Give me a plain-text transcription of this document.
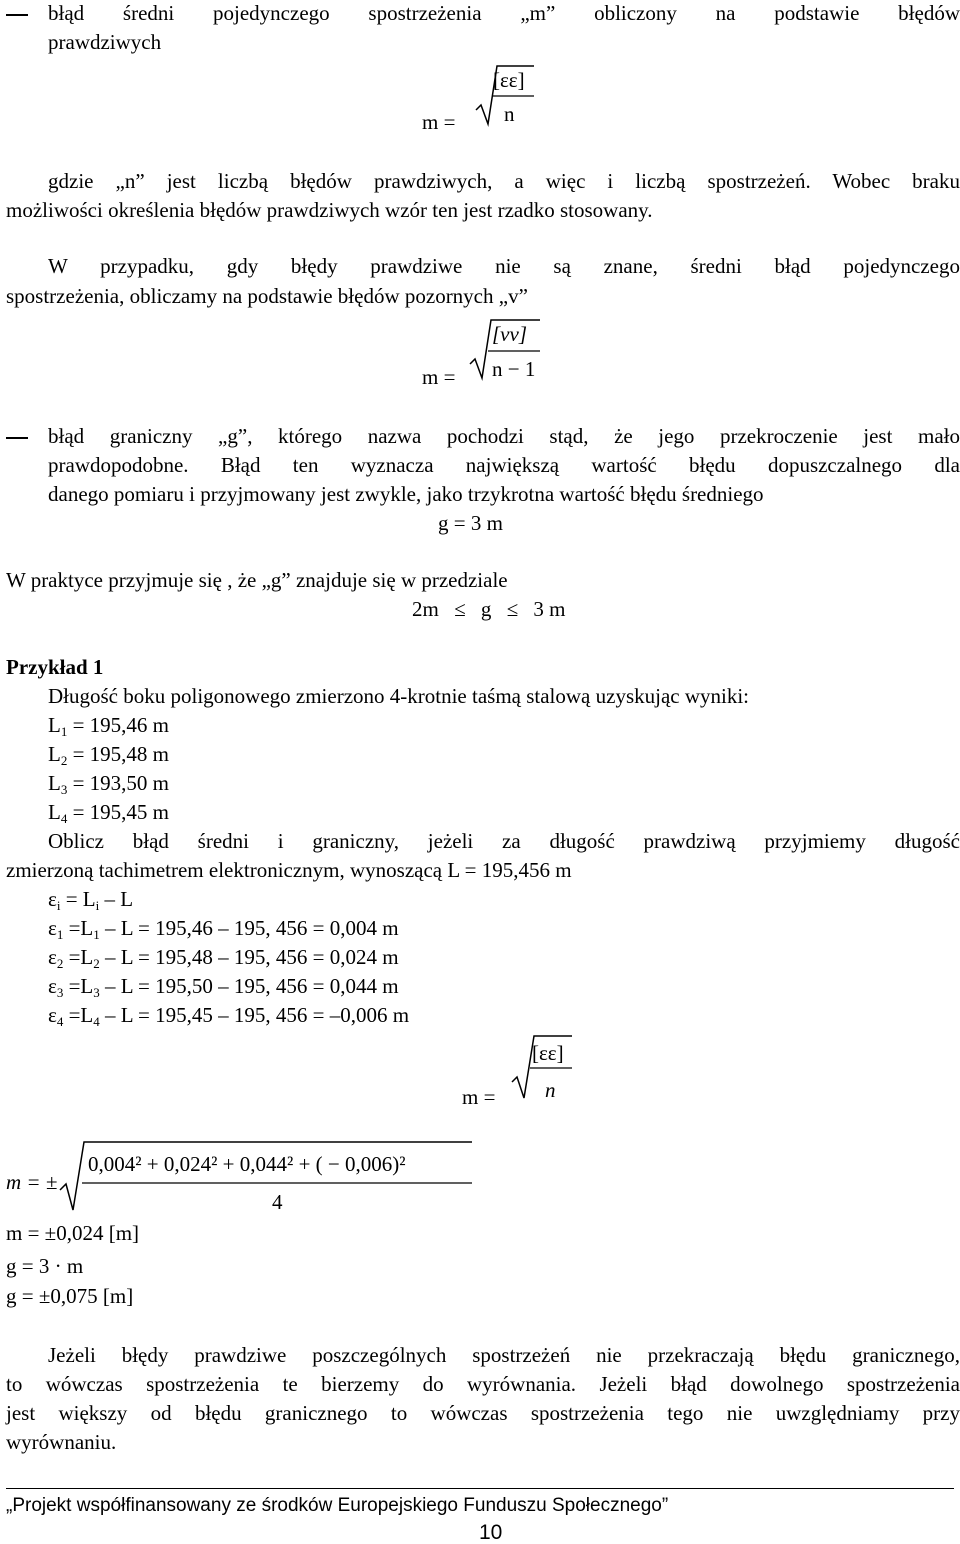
błąd średni pojedynczego spostrzeżenia „m” obliczony na podstawie błędów
prawdziwych
m =
[εε]
n
gdzie „n” jest liczbą błędów prawdziwych, a więc i liczbą spostrzeżeń. Wobec braku
możliwości określenia błędów prawdziwych wzór ten jest rzadko stosowany.
W przypadku, gdy błędy prawdziwe nie są znane, średni błąd pojedynczego
spostrzeżenia, obliczamy na podstawie błędów pozornych „v”
m =
[vv]
n − 1
błąd graniczny „g”, którego nazwa pochodzi stąd, że jego przekroczenie jest mało
prawdopodobne. Błąd ten wyznacza największą wartość błędu dopuszczalnego dla
danego pomiaru i przyjmowany jest zwykle, jako trzykrotna wartość błędu średniego
g = 3 m
W praktyce przyjmuje się , że „g” znajduje się w przedziale
2m ≤ g ≤ 3 m
Przykład 1
Długość boku poligonowego zmierzono 4-krotnie taśmą stalową uzyskując wyniki:
$L_1 = 195,46$ m
$L_2 = 195,48$ m
$L_3 = 193,50$ m
$L_4 = 195,45$ m
Oblicz błąd średni i graniczny, jeżeli za długość prawdziwą przyjmiemy długość
zmierzoną tachimetrem elektronicznym, wynoszącą L = 195,456 m
$\varepsilon_i = L_i - L$
$\varepsilon_1 =L_1 - L = 195,46 - 195$, 456 = 0,004 m
$\varepsilon_2 =L_2 - L = 195,48 - 195$, 456 = 0,024 m
$\varepsilon_3 =L_3 - L = 195,50 - 195$, 456 = 0,044 m
$\varepsilon_4 =L_4 - L = 195,45 - 195$, 456 = –0,006 m
m =
[εε]
n
m = ±
0,004² + 0,024² + 0,044² + ( − 0,006)²
4
m = ±0,024 [m]
g = 3 · m
g = ±0,075 [m]
Jeżeli błędy prawdziwe poszczególnych spostrzeżeń nie przekraczają błędu granicznego,
to wówczas spostrzeżenia te bierzemy do wyrównania. Jeżeli błąd dowolnego spostrzeżenia
jest większy od błędu granicznego to wówczas spostrzeżenia tego nie uwzględniamy przy
wyrównaniu.
„Projekt współfinansowany ze środków Europejskiego Funduszu Społecznego”
10
